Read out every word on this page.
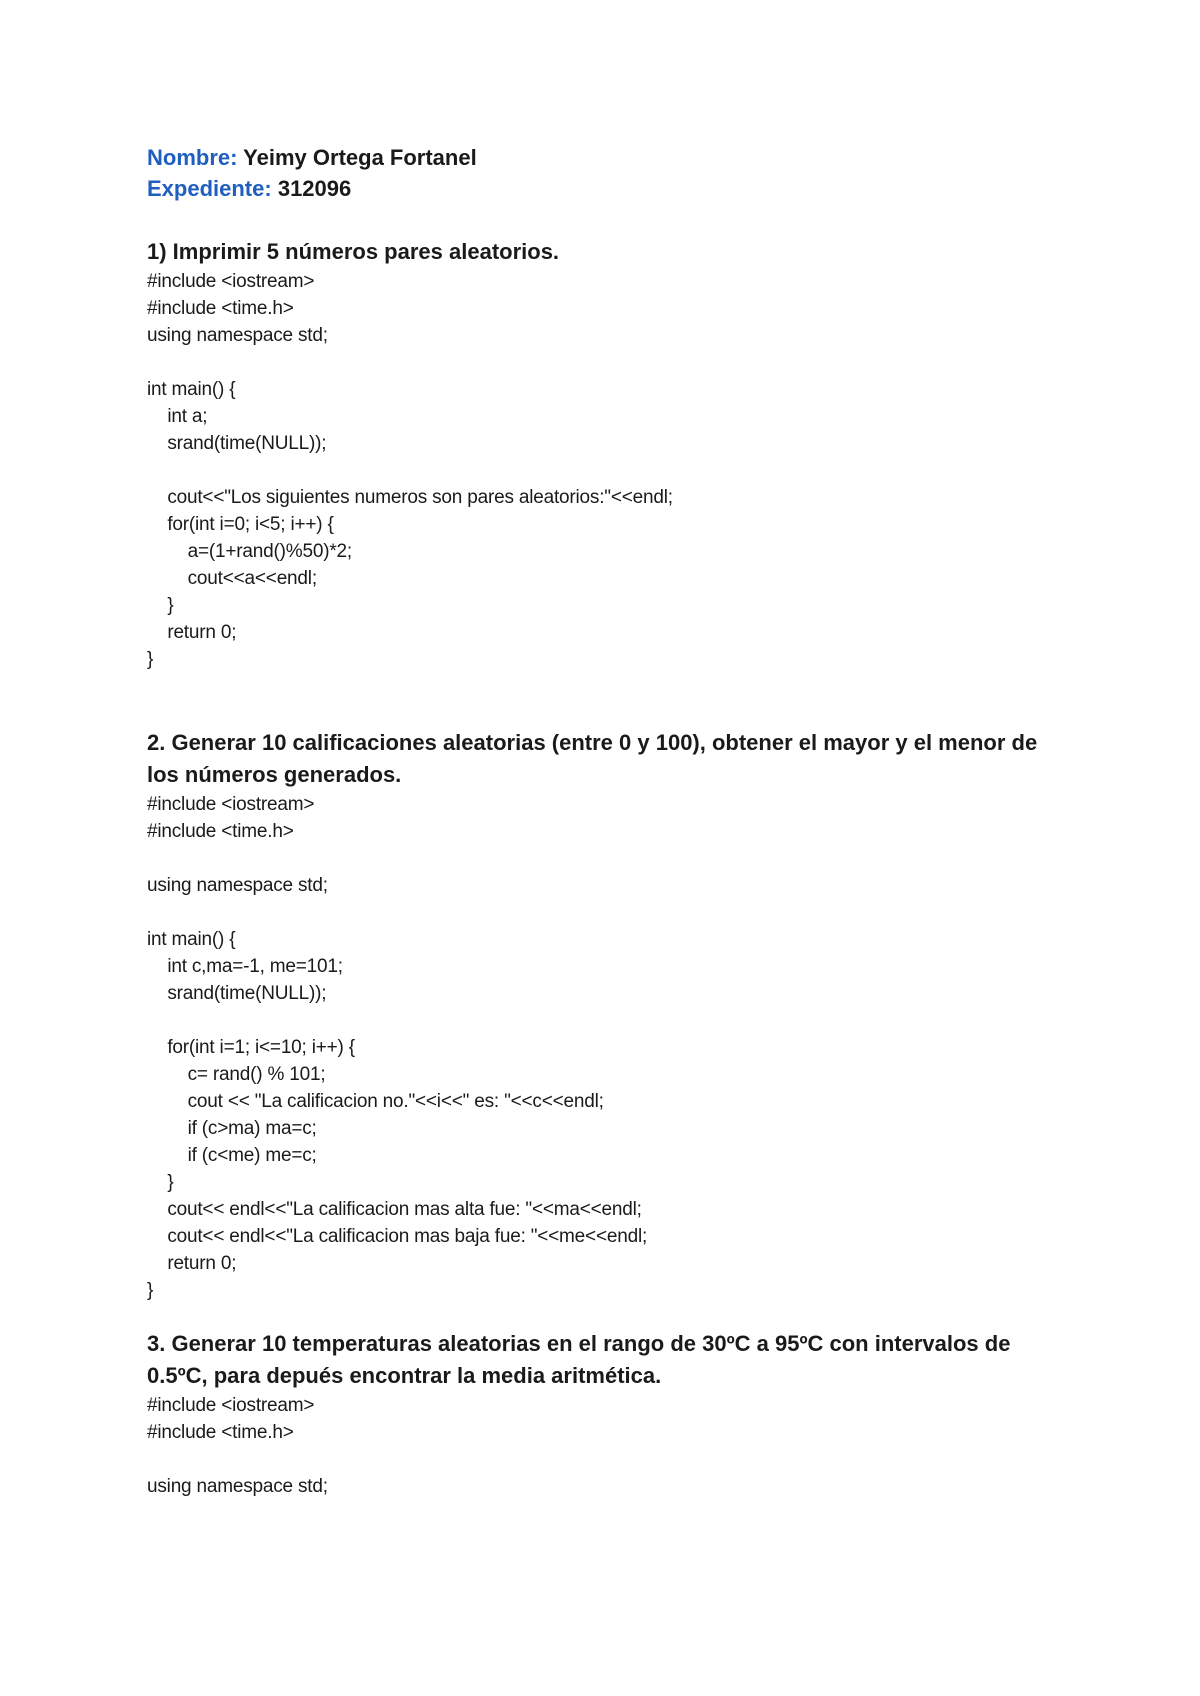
Nombre: Yeimy Ortega Fortanel
Expediente: 312096
1) Imprimir 5 números pares aleatorios.
#include <iostream>
#include <time.h>
using namespace std;
int main() {
int a;
srand(time(NULL));
cout<<"Los siguientes numeros son pares aleatorios:"<<endl;
for(int i=0; i<5; i++) {
a=(1+rand()%50)*2;
cout<<a<<endl;
}
return 0;
}
2. Generar 10 calificaciones aleatorias (entre 0 y 100), obtener el mayor y el menor de los números generados.
#include <iostream>
#include <time.h>
using namespace std;
int main() {
int c,ma=-1, me=101;
srand(time(NULL));
for(int i=1; i<=10; i++) {
c= rand() % 101;
cout << "La calificacion no."<<i<<" es: "<<c<<endl;
if (c>ma) ma=c;
if (c<me) me=c;
}
cout<< endl<<"La calificacion mas alta fue: "<<ma<<endl;
cout<< endl<<"La calificacion mas baja fue: "<<me<<endl;
return 0;
}
3. Generar 10 temperaturas aleatorias en el rango de 30ºC a 95ºC con intervalos de 0.5ºC, para depués encontrar la media aritmética.
#include <iostream>
#include <time.h>
using namespace std;
